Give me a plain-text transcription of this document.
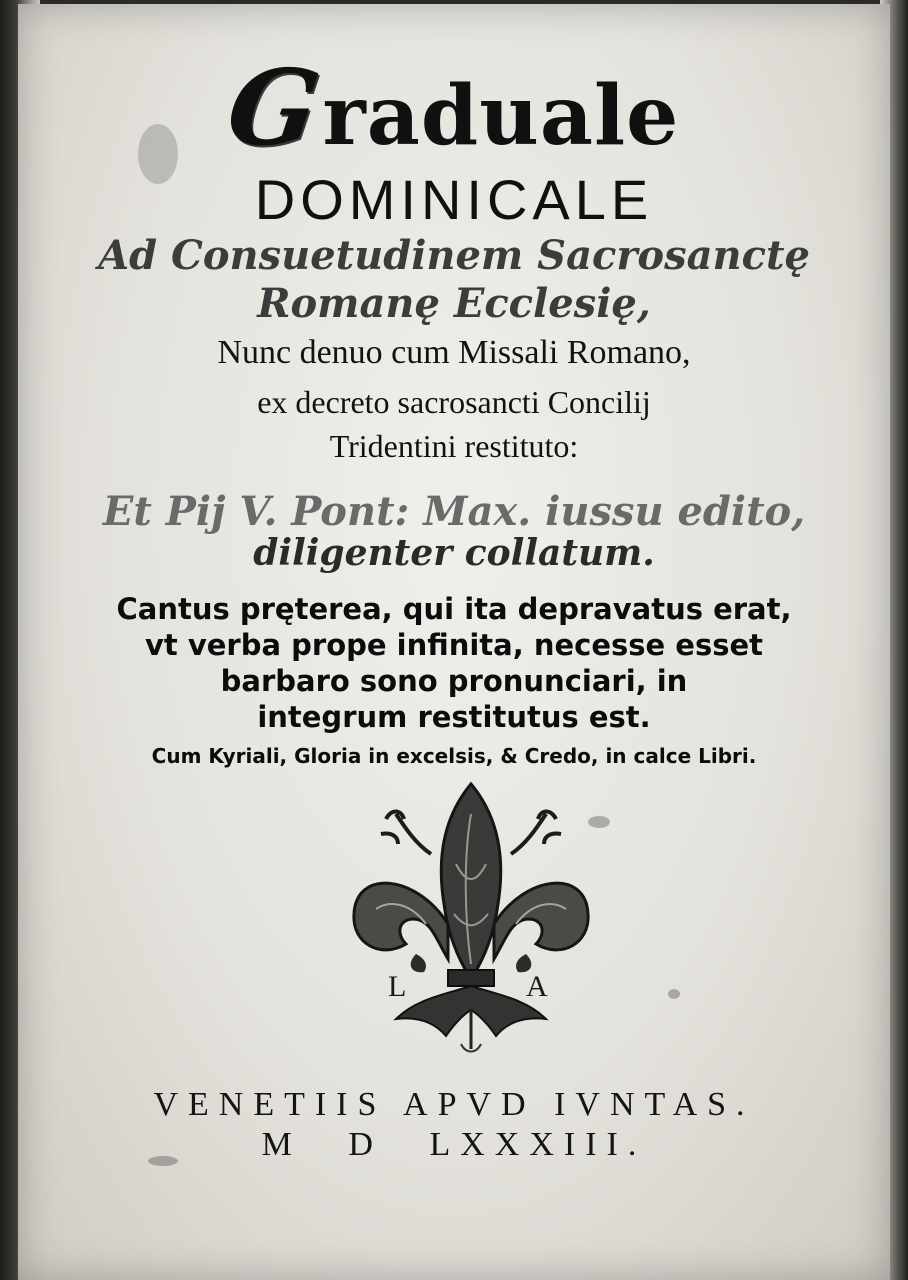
Graduale
DOMINICALE
Ad Consuetudinem Sacrosanctę
Romanę Ecclesię,
Nunc denuo cum Missali Romano,
ex decreto sacrosancti Concilij
Tridentini restituto:
Et Pij V. Pont: Max. iussu edito,
diligenter collatum.
Cantus pręterea, qui ita depravatus erat,
vt verba prope infinita, necesse esset
barbaro sono pronunciari, in
integrum restitutus est.
Cum Kyriali, Gloria in excelsis, & Credo, in calce Libri.
L	A
VENETIIS APVD IVNTAS.
M D LXXXIII.
